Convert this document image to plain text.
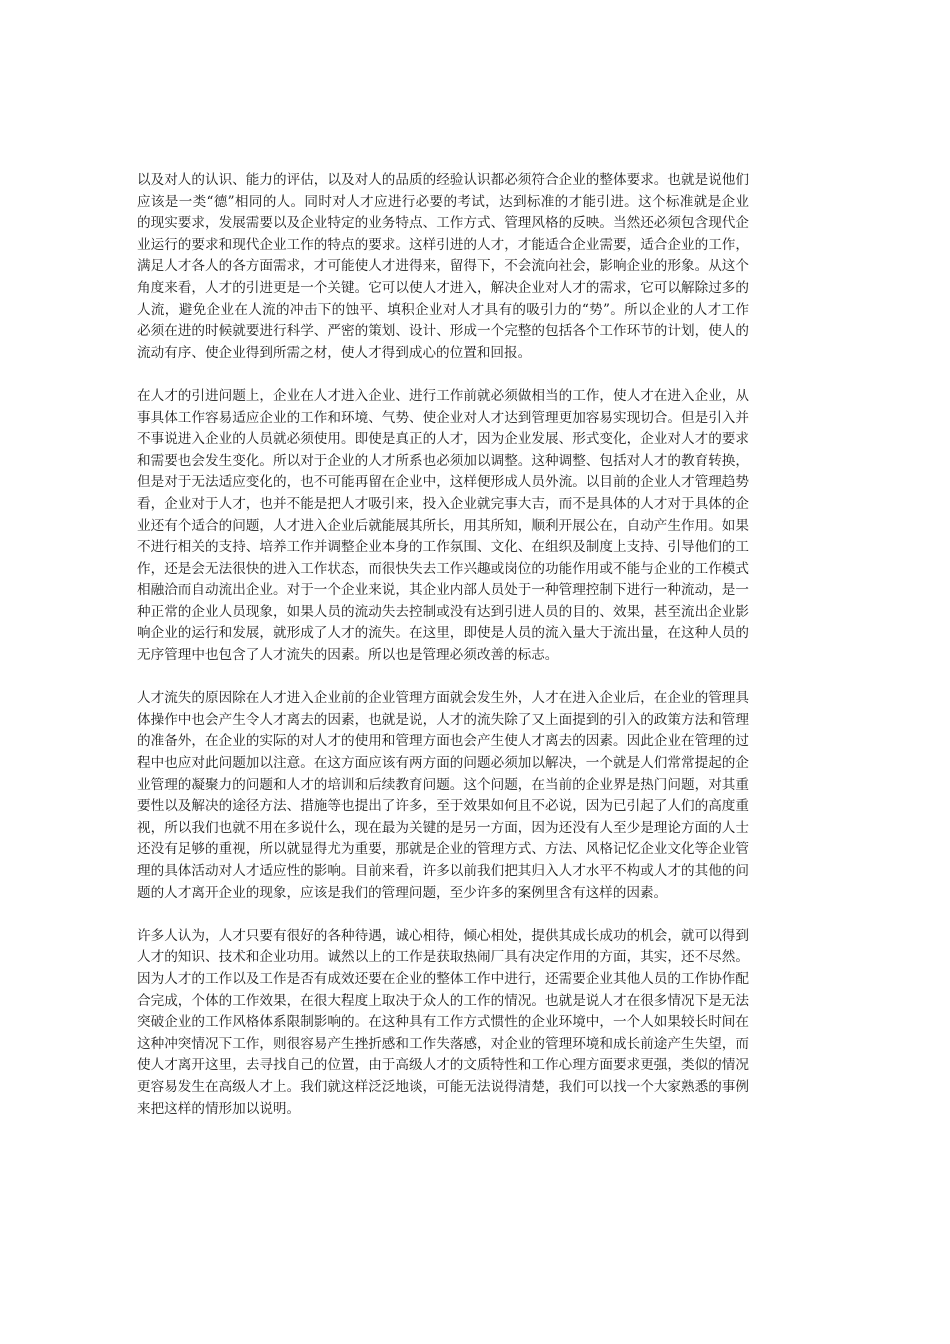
以及对人的认识、能力的评估，以及对人的品质的经验认识都必须符合企业的整体要求。也就是说他们应该是一类“德”相同的人。同时对人才应进行必要的考试，达到标准的才能引进。这个标准就是企业的现实要求，发展需要以及企业特定的业务特点、工作方式、管理风格的反映。当然还必须包含现代企业运行的要求和现代企业工作的特点的要求。这样引进的人才，才能适合企业需要，适合企业的工作，满足人才各人的各方面需求，才可能使人才进得来，留得下，不会流向社会，影响企业的形象。从这个角度来看，人才的引进更是一个关键。它可以使人才进入，解决企业对人才的需求，它可以解除过多的人流，避免企业在人流的冲击下的蚀平、填积企业对人才具有的吸引力的“势”。所以企业的人才工作必须在进的时候就要进行科学、严密的策划、设计、形成一个完整的包括各个工作环节的计划，使人的流动有序、使企业得到所需之材，使人才得到成心的位置和回报。

在人才的引进问题上，企业在人才进入企业、进行工作前就必须做相当的工作，使人才在进入企业，从事具体工作容易适应企业的工作和环境、气势、使企业对人才达到管理更加容易实现切合。但是引入并不事说进入企业的人员就必须使用。即使是真正的人才，因为企业发展、形式变化，企业对人才的要求和需要也会发生变化。所以对于企业的人才所系也必须加以调整。这种调整、包括对人才的教育转换，但是对于无法适应变化的，也不可能再留在企业中，这样便形成人员外流。以目前的企业人才管理趋势看，企业对于人才，也并不能是把人才吸引来，投入企业就完事大吉，而不是具体的人才对于具体的企业还有个适合的问题，人才进入企业后就能展其所长，用其所知，顺利开展公在，自动产生作用。如果不进行相关的支持、培养工作并调整企业本身的工作氛围、文化、在组织及制度上支持、引导他们的工作，还是会无法很快的进入工作状态，而很快失去工作兴趣或岗位的功能作用或不能与企业的工作模式相融洽而自动流出企业。对于一个企业来说，其企业内部人员处于一种管理控制下进行一种流动，是一种正常的企业人员现象，如果人员的流动失去控制或没有达到引进人员的目的、效果，甚至流出企业影响企业的运行和发展，就形成了人才的流失。在这里，即使是人员的流入量大于流出量，在这种人员的无序管理中也包含了人才流失的因素。所以也是管理必须改善的标志。

人才流失的原因除在人才进入企业前的企业管理方面就会发生外，人才在进入企业后，在企业的管理具体操作中也会产生令人才离去的因素，也就是说，人才的流失除了又上面提到的引入的政策方法和管理的准备外，在企业的实际的对人才的使用和管理方面也会产生使人才离去的因素。因此企业在管理的过程中也应对此问题加以注意。在这方面应该有两方面的问题必须加以解决，一个就是人们常常提起的企业管理的凝聚力的问题和人才的培训和后续教育问题。这个问题，在当前的企业界是热门问题，对其重要性以及解决的途径方法、措施等也提出了许多，至于效果如何且不必说，因为已引起了人们的高度重视，所以我们也就不用在多说什么，现在最为关键的是另一方面，因为还没有人至少是理论方面的人士还没有足够的重视，所以就显得尤为重要，那就是企业的管理方式、方法、风格记忆企业文化等企业管理的具体活动对人才适应性的影响。目前来看，许多以前我们把其归入人才水平不构或人才的其他的问题的人才离开企业的现象，应该是我们的管理问题，至少许多的案例里含有这样的因素。

许多人认为，人才只要有很好的各种待遇，诚心相待，倾心相处，提供其成长成功的机会，就可以得到人才的知识、技术和企业功用。诚然以上的工作是获取热闹厂具有决定作用的方面，其实，还不尽然。因为人才的工作以及工作是否有成效还要在企业的整体工作中进行，还需要企业其他人员的工作协作配合完成，个体的工作效果，在很大程度上取决于众人的工作的情况。也就是说人才在很多情况下是无法突破企业的工作风格体系限制影响的。在这种具有工作方式惯性的企业环境中，一个人如果较长时间在这种冲突情况下工作，则很容易产生挫折感和工作失落感，对企业的管理环境和成长前途产生失望，而使人才离开这里，去寻找自己的位置，由于高级人才的文质特性和工作心理方面要求更强，类似的情况更容易发生在高级人才上。我们就这样泛泛地谈，可能无法说得清楚，我们可以找一个大家熟悉的事例来把这样的情形加以说明。
